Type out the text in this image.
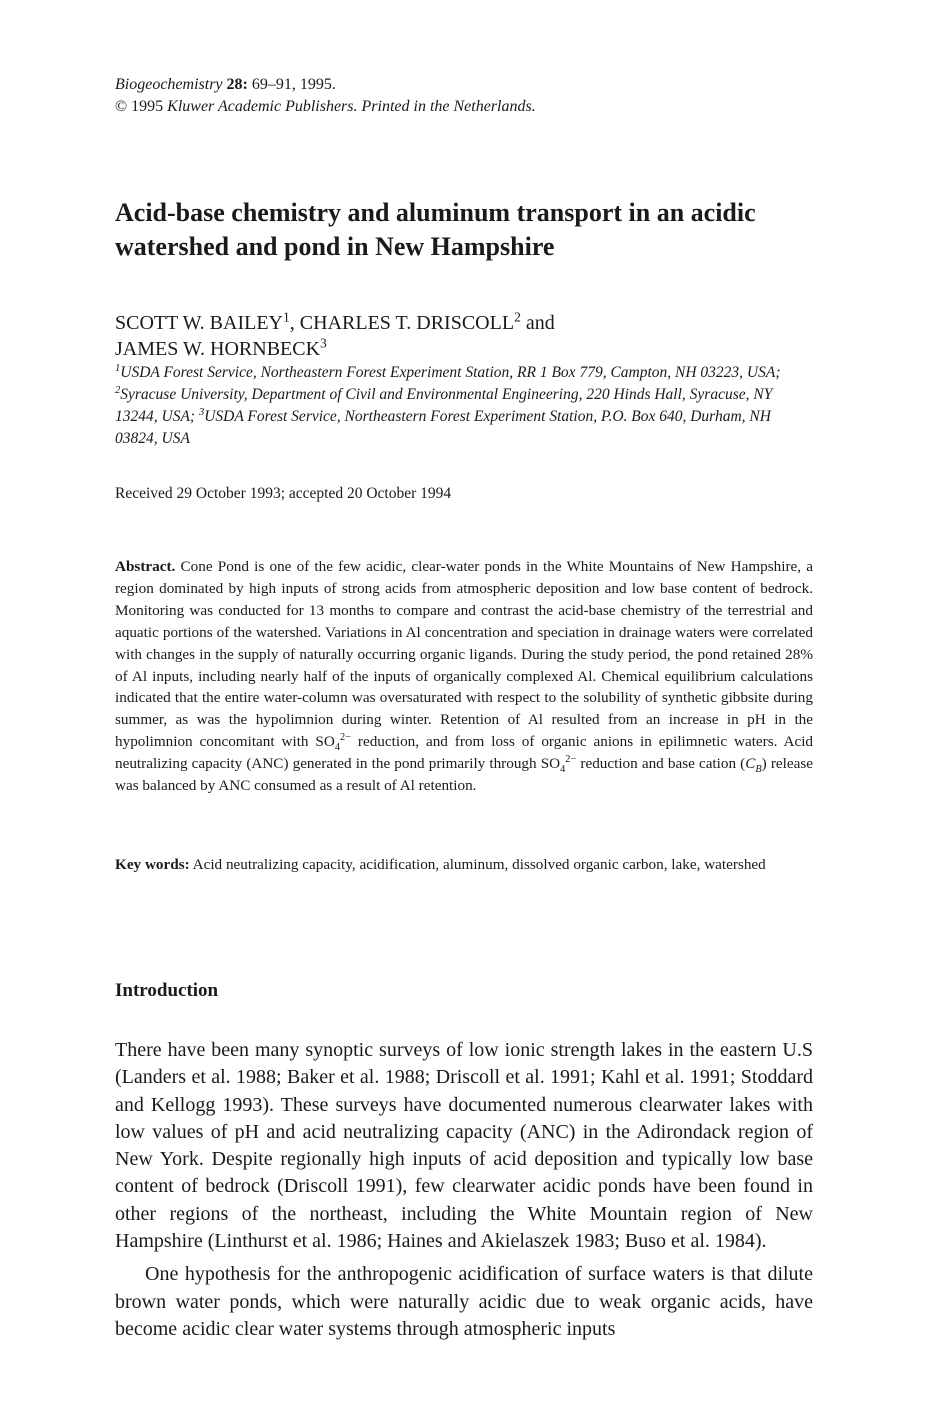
Biogeochemistry 28: 69–91, 1995.
© 1995 Kluwer Academic Publishers. Printed in the Netherlands.
Acid-base chemistry and aluminum transport in an acidic watershed and pond in New Hampshire
SCOTT W. BAILEY$^1$, CHARLES T. DRISCOLL$^2$ and
JAMES W. HORNBECK$^3$
$^1$USDA Forest Service, Northeastern Forest Experiment Station, RR 1 Box 779, Campton, NH 03223, USA; $^2$Syracuse University, Department of Civil and Environmental Engineering, 220 Hinds Hall, Syracuse, NY 13244, USA; $^3$USDA Forest Service, Northeastern Forest Experiment Station, P.O. Box 640, Durham, NH 03824, USA
Received 29 October 1993; accepted 20 October 1994
Abstract. Cone Pond is one of the few acidic, clear-water ponds in the White Mountains of New Hampshire, a region dominated by high inputs of strong acids from atmospheric deposition and low base content of bedrock. Monitoring was conducted for 13 months to compare and contrast the acid-base chemistry of the terrestrial and aquatic portions of the watershed. Variations in Al concentration and speciation in drainage waters were correlated with changes in the supply of naturally occurring organic ligands. During the study period, the pond retained 28% of Al inputs, including nearly half of the inputs of organically complexed Al. Chemical equilibrium calculations indicated that the entire water-column was oversaturated with respect to the solubility of synthetic gibbsite during summer, as was the hypolimnion during winter. Retention of Al resulted from an increase in pH in the hypolimnion concomitant with $SO_4^{2-}$ reduction, and from loss of organic anions in epilimnetic waters. Acid neutralizing capacity (ANC) generated in the pond primarily through $SO_4^{2-}$ reduction and base cation $(C_B)$ release was balanced by ANC consumed as a result of Al retention.
Key words: Acid neutralizing capacity, acidification, aluminum, dissolved organic carbon, lake, watershed
Introduction

There have been many synoptic surveys of low ionic strength lakes in the eastern U.S (Landers et al. 1988; Baker et al. 1988; Driscoll et al. 1991; Kahl et al. 1991; Stoddard and Kellogg 1993). These surveys have documented numerous clearwater lakes with low values of pH and acid neutralizing capacity (ANC) in the Adirondack region of New York. Despite regionally high inputs of acid deposition and typically low base content of bedrock (Driscoll 1991), few clearwater acidic ponds have been found in other regions of the northeast, including the White Mountain region of New Hampshire (Linthurst et al. 1986; Haines and Akielaszek 1983; Buso et al. 1984).

One hypothesis for the anthropogenic acidification of surface waters is that dilute brown water ponds, which were naturally acidic due to weak organic acids, have become acidic clear water systems through atmospheric inputs
